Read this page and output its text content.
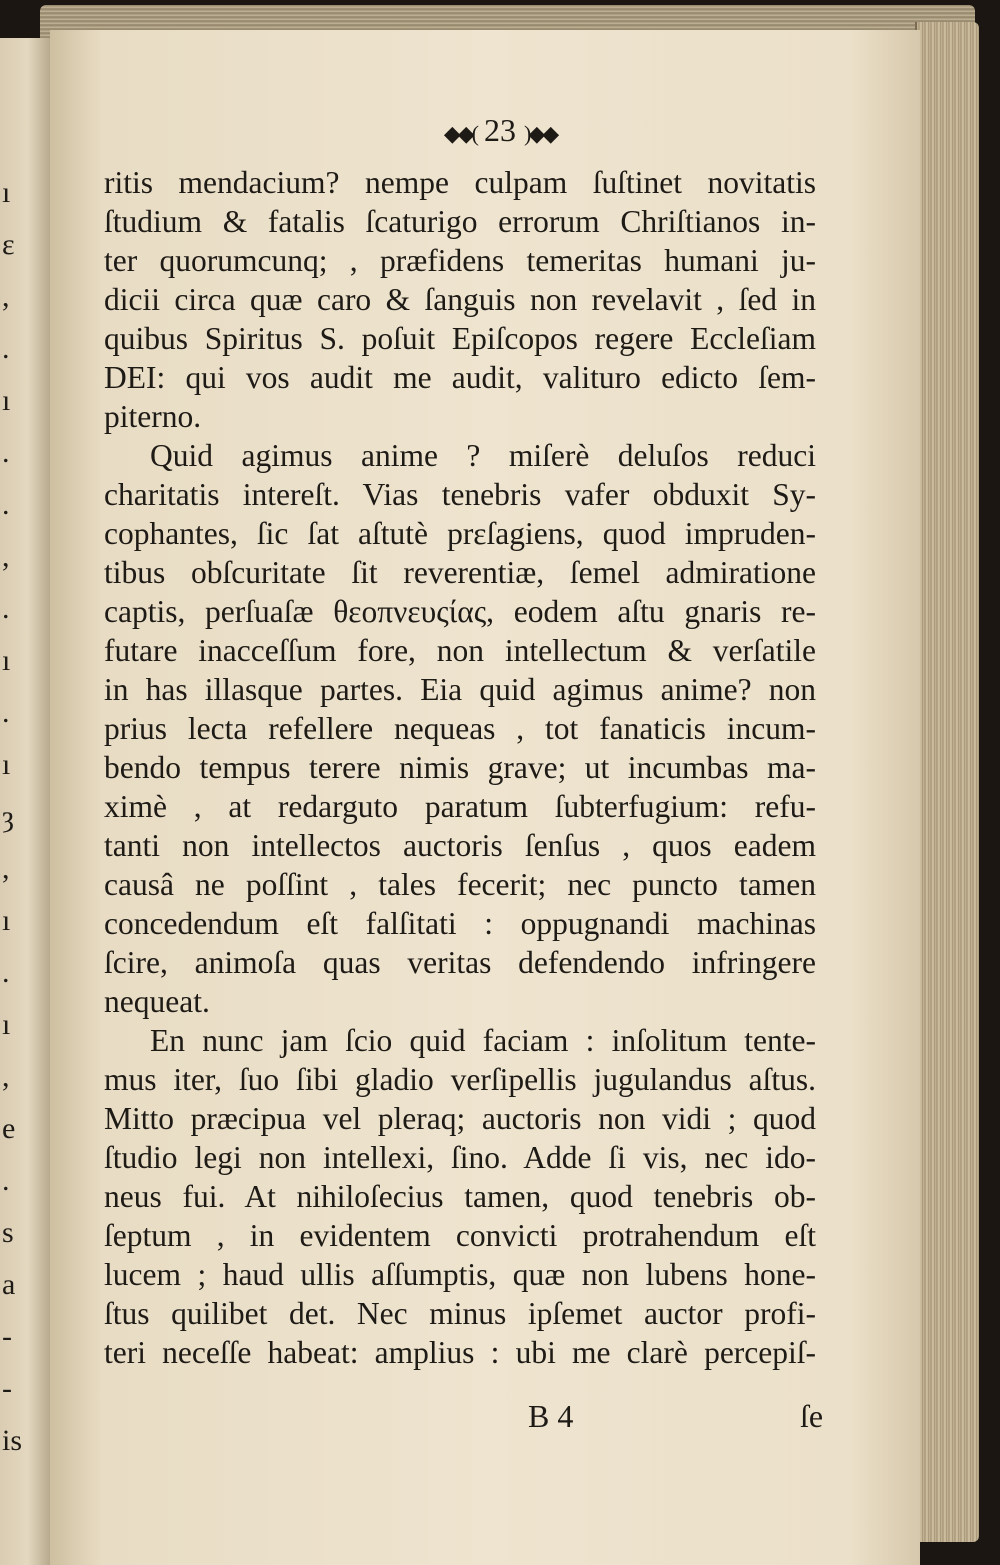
ı
ε
,
.
ı
.
.
,
.
ı
.
ı
ȝ
,
ı
.
ı
,
e
.
s
a
-
-
is
◆◆( 23 )◆◆
ritis mendacium? nempe culpam ſuſtinet novitatis
ſtudium & fatalis ſcaturigo errorum Chriſtianos in-
ter quorumcunq; , præfidens temeritas humani ju-
dicii circa quæ caro & ſanguis non revelavit , ſed in
quibus Spiritus S. poſuit Epiſcopos regere Eccleſiam
DEI: qui vos audit me audit, valituro edicto ſem-
piterno.
Quid agimus anime ? miſerè deluſos reduci
charitatis intereſt. Vias tenebris vafer obduxit Sy-
cophantes, ſic ſat aſtutè prεſagiens, quod impruden-
tibus obſcuritate ſit reverentiæ, ſemel admiratione
captis, perſuaſæ θεοπνευςίας, eodem aſtu gnaris re-
futare inacceſſum fore, non intellectum & verſatile
in has illasque partes. Eia quid agimus anime? non
prius lecta refellere nequeas , tot fanaticis incum-
bendo tempus terere nimis grave; ut incumbas ma-
ximè , at redarguto paratum ſubterfugium: refu-
tanti non intellectos auctoris ſenſus , quos eadem
causâ ne poſſint , tales fecerit; nec puncto tamen
concedendum eſt falſitati : oppugnandi machinas
ſcire, animoſa quas veritas defendendo infringere
nequeat.
En nunc jam ſcio quid faciam : inſolitum tente-
mus iter, ſuo ſibi gladio verſipellis jugulandus aſtus.
Mitto præcipua vel pleraq; auctoris non vidi ; quod
ſtudio legi non intellexi, ſino. Adde ſi vis, nec ido-
neus fui. At nihiloſecius tamen, quod tenebris ob-
ſeptum , in evidentem convicti protrahendum eſt
lucem ; haud ullis aſſumptis, quæ non lubens hone-
ſtus quilibet det. Nec minus ipſemet auctor profi-
teri neceſſe habeat: amplius : ubi me clarè percepiſ-
B 4	ſe
